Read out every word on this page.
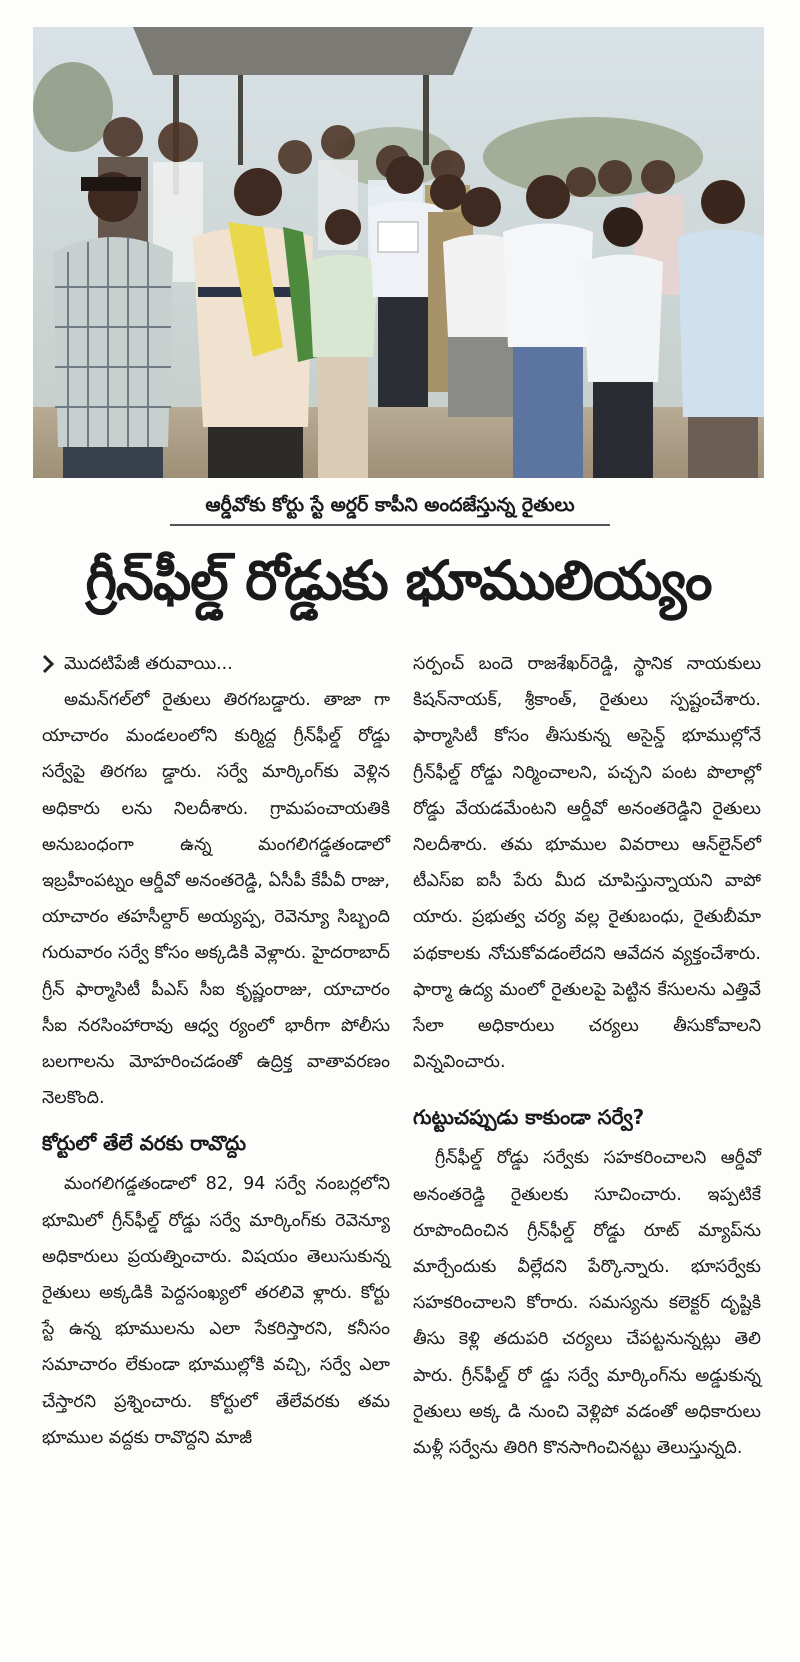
ఆర్డీవోకు కోర్టు స్టే అర్డర్ కాపీని అందజేస్తున్న రైతులు
గ్రీన్‌ఫీల్డ్ రోడ్డుకు భూములియ్యం
మొదటిపేజీ తరువాయి...

అమన్‌గల్‌లో రైతులు తిరగబడ్డారు. తాజా గా యాచారం మండలంలోని కుర్మిద్ద గ్రీన్‌ఫీల్డ్ రోడ్డు సర్వేపై తిరగబ డ్డారు. సర్వే మార్కింగ్‌కు వెళ్లిన అధికారు లను నిలదీశారు. గ్రామపంచాయతికి అనుబంధంగా ఉన్న మంగలిగడ్డతండాలో ఇబ్రహీంపట్నం ఆర్డీవో అనంతరెడ్డి, ఏసీపీ కేపీవీ రాజు, యాచారం తహసీల్దార్ అయ్యప్ప, రెవెన్యూ సిబ్బంది గురువారం సర్వే కోసం అక్కడికి వెళ్లారు. హైదరాబాద్ గ్రీన్ ఫార్మాసిటీ పీఎస్ సీఐ కృష్ణంరాజు, యాచారం సీఐ నరసింహారావు ఆధ్వ ర్యంలో భారీగా పోలీసు బలగాలను మోహరించడంతో ఉద్రిక్త వాతావరణం నెలకొంది.

కోర్టులో తేలే వరకు రావొద్దు

మంగలిగడ్డతండాలో 82, 94 సర్వే నంబర్లలోని భూమిలో గ్రీన్‌ఫీల్డ్ రోడ్డు సర్వే మార్కింగ్‌కు రెవెన్యూ అధికారులు ప్రయత్నించారు. విషయం తెలుసుకున్న రైతులు అక్కడికి పెద్దసంఖ్యలో తరలివె ళ్లారు. కోర్టు స్టే ఉన్న భూములను ఎలా సేకరిస్తారని, కనీసం సమాచారం లేకుండా భూముల్లోకి వచ్చి, సర్వే ఎలా చేస్తారని ప్రశ్నించారు. కోర్టులో తేలేవరకు తమ భూముల వద్దకు రావొద్దని మాజీ

సర్పంచ్ బందె రాజశేఖర్‌రెడ్డి, స్థానిక నాయకులు కిషన్‌నాయక్, శ్రీకాంత్, రైతులు స్పష్టంచేశారు. ఫార్మాసిటీ కోసం తీసుకున్న అసైన్డ్ భూముల్లోనే గ్రీన్‌ఫీల్డ్ రోడ్డు నిర్మించాలని, పచ్చని పంట పొలాల్లో రోడ్డు వేయడమేంటని ఆర్డీవో అనంతరెడ్డిని రైతులు నిలదీశారు. తమ భూముల వివరాలు ఆన్‌లైన్‌లో టీఎస్‌ఐ ఐసీ పేరు మీద చూపిస్తున్నాయని వాపో యారు. ప్రభుత్వ చర్య వల్ల రైతుబంధు, రైతుబీమా పథకాలకు నోచుకోవడంలేదని ఆవేదన వ్యక్తంచేశారు. ఫార్మా ఉద్య మంలో రైతులపై పెట్టిన కేసులను ఎత్తివే సేలా అధికారులు చర్యలు తీసుకోవాలని విన్నవించారు.

గుట్టుచప్పుడు కాకుండా సర్వే?

గ్రీన్‌ఫీల్డ్ రోడ్డు సర్వేకు సహకరించాలని ఆర్డీవో అనంతరెడ్డి రైతులకు సూచించారు. ఇప్పటికే రూపొందించిన గ్రీన్‌ఫీల్డ్ రోడ్డు రూట్ మ్యాప్‌ను మార్చేందుకు వీల్లేదని పేర్కొన్నారు. భూసర్వేకు సహకరించాలని కోరారు. సమస్యను కలెక్టర్ దృష్టికి తీసు కెళ్లి తదుపరి చర్యలు చేపట్టనున్నట్లు తెలి పారు. గ్రీన్‌ఫీల్డ్ రో డ్డు సర్వే మార్కింగ్‌ను అడ్డుకున్న రైతులు అక్క డి నుంచి వెళ్లిపో వడంతో అధికారులు మళ్లీ సర్వేను తిరిగి కొనసాగించినట్టు తెలుస్తున్నది.
